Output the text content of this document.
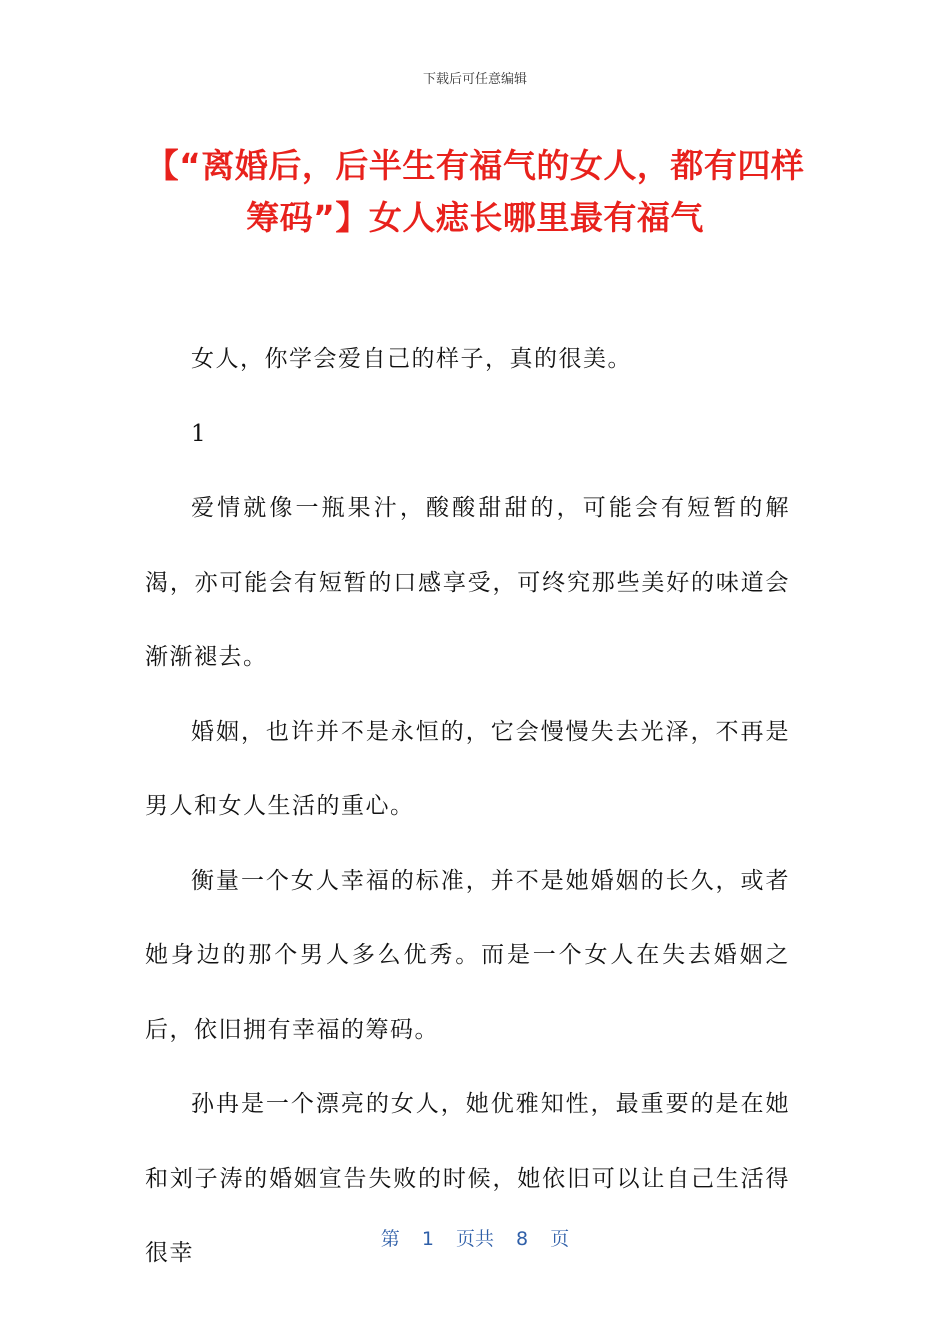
下载后可任意编辑
【“离婚后，后半生有福气的女人，都有四样筹码”】女人痣长哪里最有福气

女人，你学会爱自己的样子，真的很美。

1

爱情就像一瓶果汁，酸酸甜甜的，可能会有短暂的解渴，亦可能会有短暂的口感享受，可终究那些美好的味道会渐渐褪去。

婚姻，也许并不是永恒的，它会慢慢失去光泽，不再是男人和女人生活的重心。

衡量一个女人幸福的标准，并不是她婚姻的长久，或者她身边的那个男人多么优秀。而是一个女人在失去婚姻之后，依旧拥有幸福的筹码。

孙冉是一个漂亮的女人，她优雅知性，最重要的是在她和刘子涛的婚姻宣告失败的时候，她依旧可以让自己生活得很幸

第 1 页共 8 页
